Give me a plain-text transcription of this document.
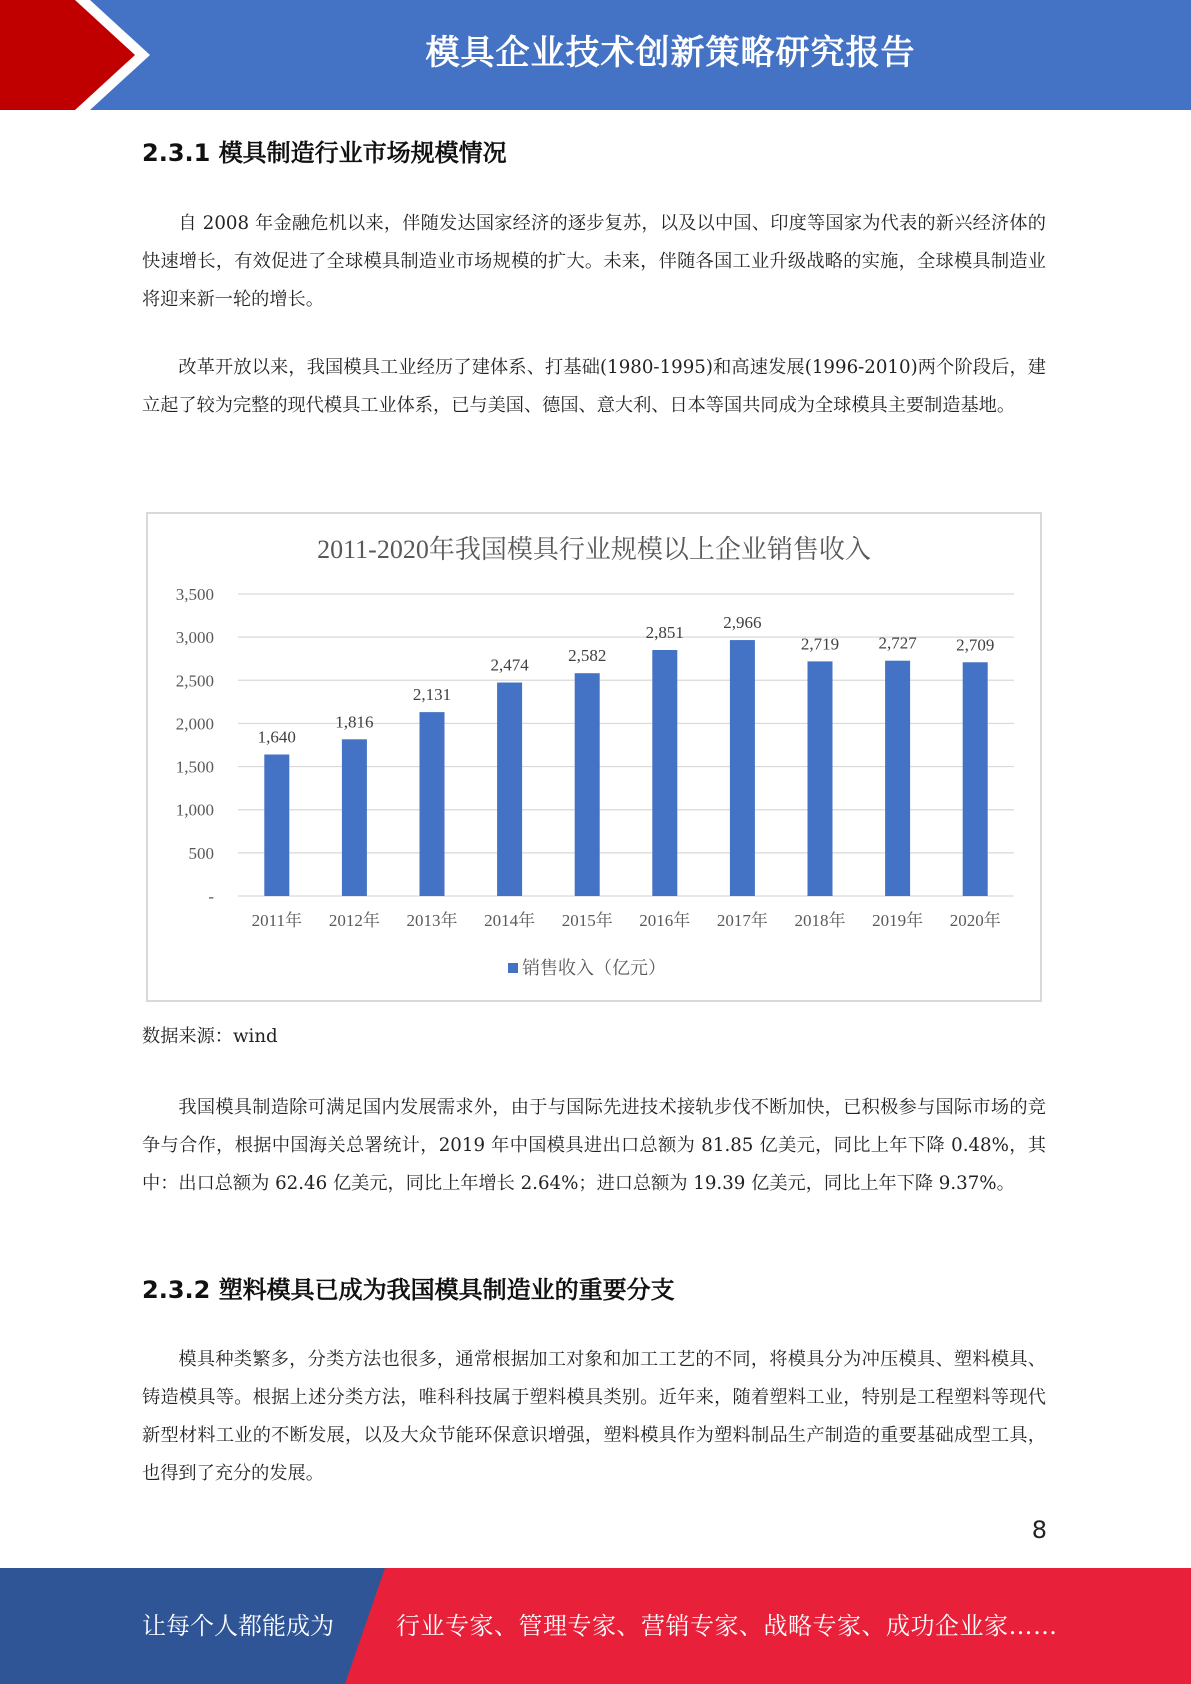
模具企业技术创新策略研究报告
2.3.1 模具制造行业市场规模情况
自 2008 年金融危机以来，伴随发达国家经济的逐步复苏，以及以中国、印度等国家为代表的新兴经济体的快速增长，有效促进了全球模具制造业市场规模的扩大。未来，伴随各国工业升级战略的实施，全球模具制造业将迎来新一轮的增长。
改革开放以来，我国模具工业经历了建体系、打基础(1980-1995)和高速发展(1996-2010)两个阶段后，建立起了较为完整的现代模具工业体系，已与美国、德国、意大利、日本等国共同成为全球模具主要制造基地。
2011-2020年我国模具行业规模以上企业销售收入
-
500
1,000
1,500
2,000
2,500
3,000
3,500
1,640
2011年
1,816
2012年
2,131
2013年
2,474
2014年
2,582
2015年
2,851
2016年
2,966
2017年
2,719
2018年
2,727
2019年
2,709
2020年
销售收入（亿元）
数据来源：wind
我国模具制造除可满足国内发展需求外，由于与国际先进技术接轨步伐不断加快，已积极参与国际市场的竞争与合作，根据中国海关总署统计，2019 年中国模具进出口总额为 81.85 亿美元，同比上年下降 0.48%，其中：出口总额为 62.46 亿美元，同比上年增长 2.64%；进口总额为 19.39 亿美元，同比上年下降 9.37%。
2.3.2 塑料模具已成为我国模具制造业的重要分支
模具种类繁多，分类方法也很多，通常根据加工对象和加工工艺的不同，将模具分为冲压模具、塑料模具、铸造模具等。根据上述分类方法，唯科科技属于塑料模具类别。近年来，随着塑料工业，特别是工程塑料等现代新型材料工业的不断发展，以及大众节能环保意识增强，塑料模具作为塑料制品生产制造的重要基础成型工具，也得到了充分的发展。
8
让每个人都能成为	行业专家、管理专家、营销专家、战略专家、成功企业家……
